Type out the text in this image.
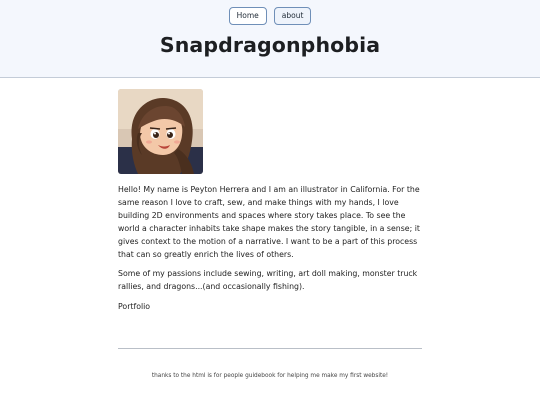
Home	about
Snapdragonphobia

Hello! My name is Peyton Herrera and I am an illustrator in California. For the same reason I love to craft, sew, and make things with my hands, I love building 2D environments and spaces where story takes place. To see the world a character inhabits take shape makes the story tangible, in a sense; it gives context to the motion of a narrative. I want to be a part of this process that can so greatly enrich the lives of others.

Some of my passions include sewing, writing, art doll making, monster truck rallies, and dragons...(and occasionally fishing).

Portfolio
thanks to the html is for people guidebook for helping me make my first website!
